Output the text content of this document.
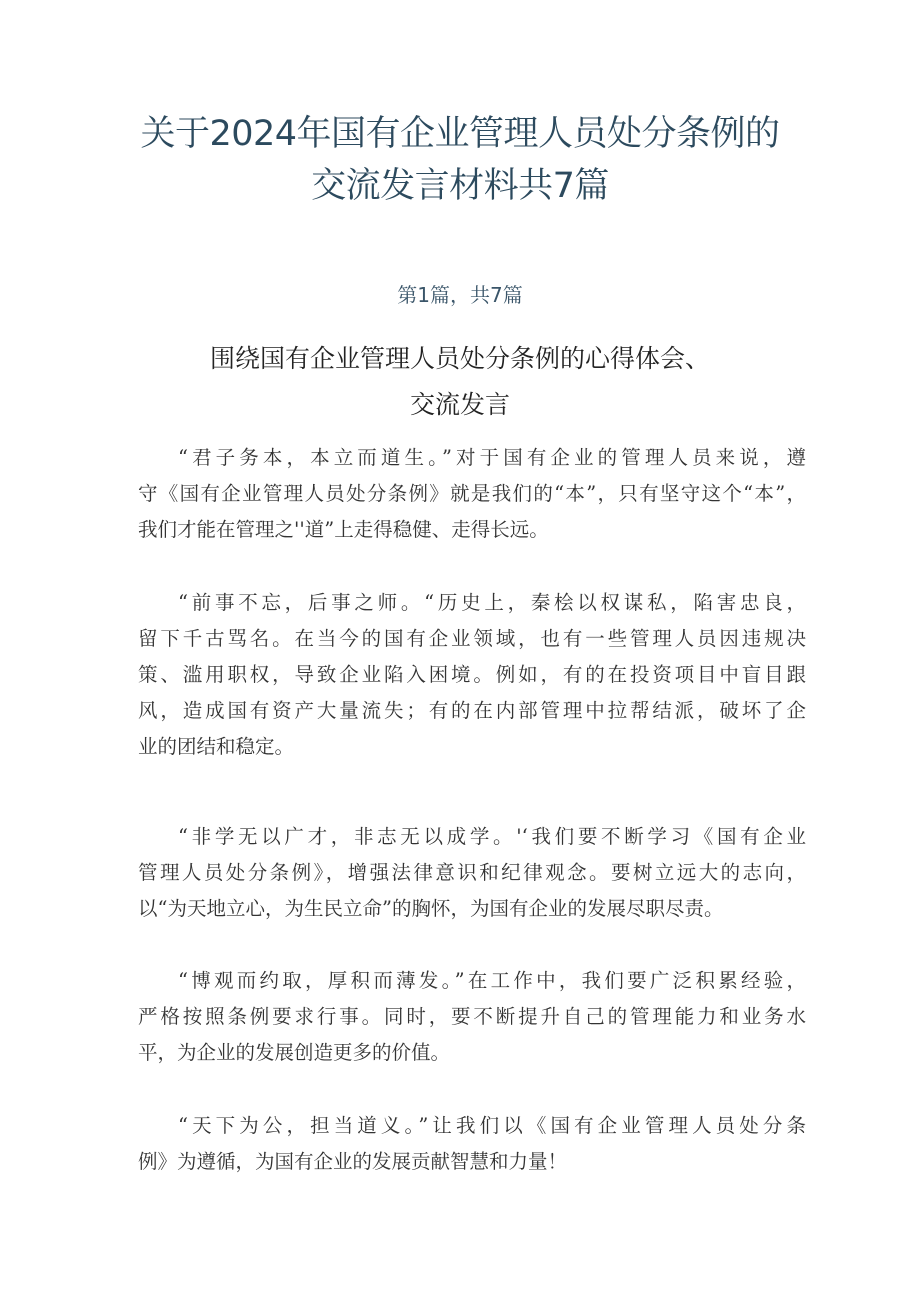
关于2024年国有企业管理人员处分条例的
交流发言材料共7篇
第1篇，共7篇
围绕国有企业管理人员处分条例的心得体会、
交流发言
“君子务本，本立而道生。”对于国有企业的管理人员来说，遵
守《国有企业管理人员处分条例》就是我们的“本”，只有坚守这个“本”，
我们才能在管理之''道”上走得稳健、走得长远。
“前事不忘，后事之师。“历史上，秦桧以权谋私，陷害忠良，
留下千古骂名。在当今的国有企业领域，也有一些管理人员因违规决
策、滥用职权，导致企业陷入困境。例如，有的在投资项目中盲目跟
风，造成国有资产大量流失；有的在内部管理中拉帮结派，破坏了企
业的团结和稳定。
“非学无以广才，非志无以成学。'‘我们要不断学习《国有企业
管理人员处分条例》，增强法律意识和纪律观念。要树立远大的志向，
以“为天地立心，为生民立命”的胸怀，为国有企业的发展尽职尽责。
“博观而约取，厚积而薄发。”在工作中，我们要广泛积累经验，
严格按照条例要求行事。同时，要不断提升自己的管理能力和业务水
平，为企业的发展创造更多的价值。
“天下为公，担当道义。”让我们以《国有企业管理人员处分条
例》为遵循，为国有企业的发展贡献智慧和力量！
